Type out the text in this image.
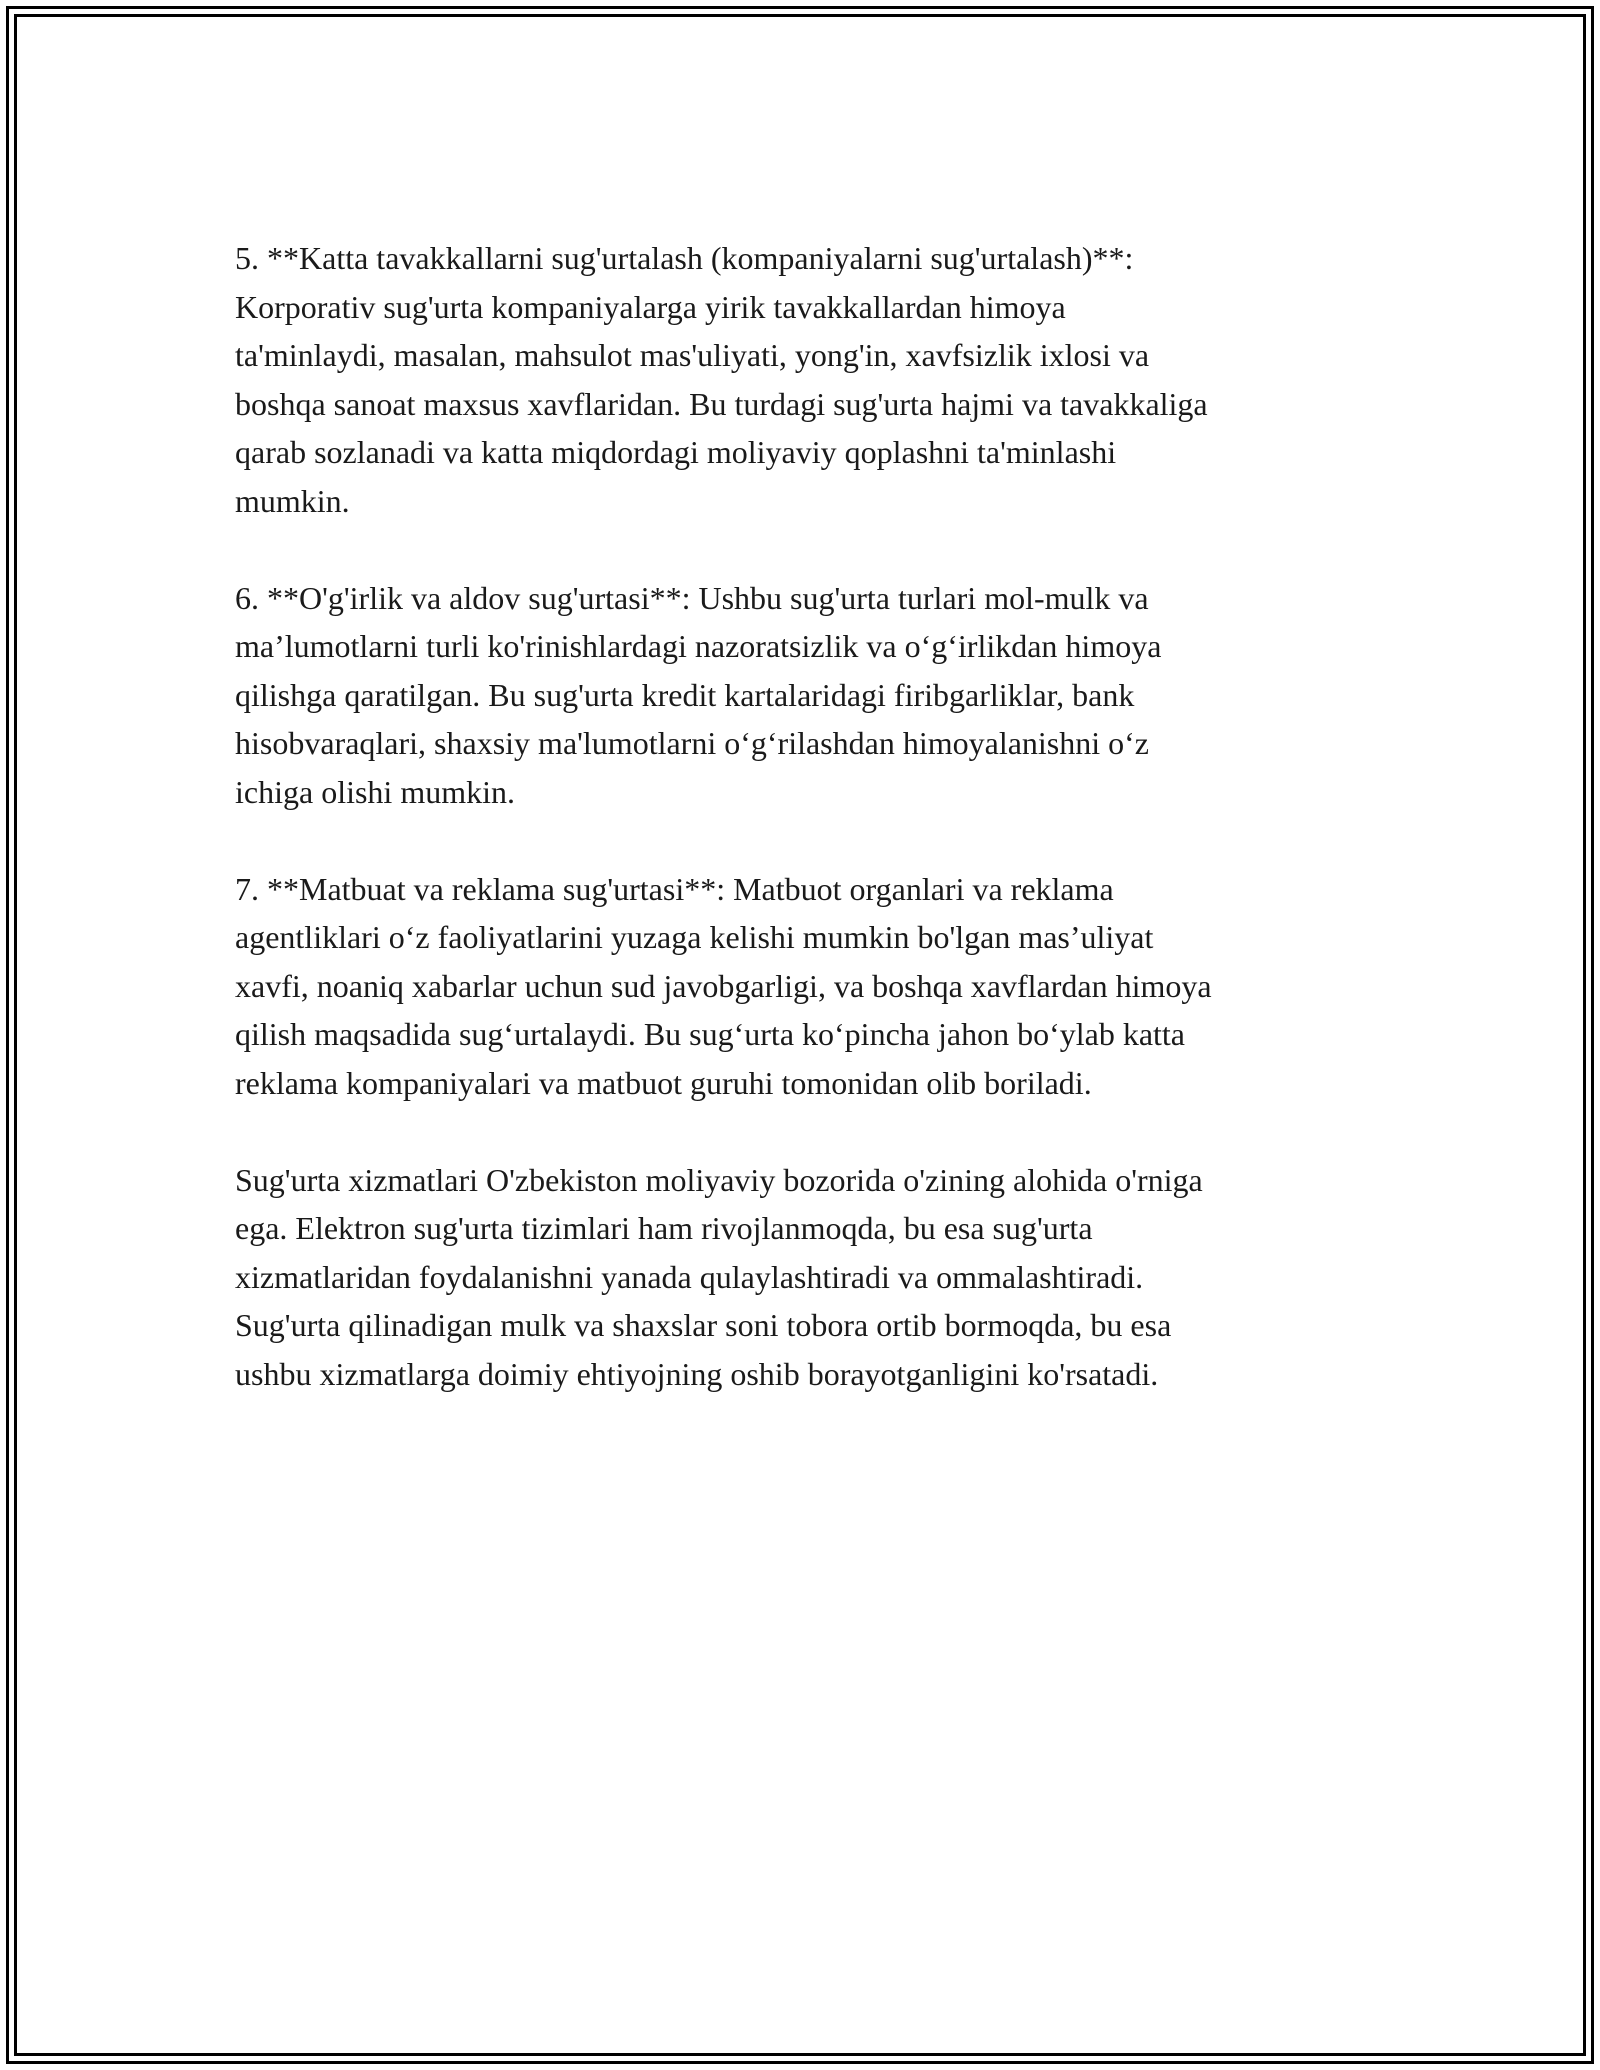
5. **Katta tavakkallarni sug'urtalash (kompaniyalarni sug'urtalash)**:
Korporativ sug'urta kompaniyalarga yirik tavakkallardan himoya
ta'minlaydi, masalan, mahsulot mas'uliyati, yong'in, xavfsizlik ixlosi va
boshqa sanoat maxsus xavflaridan. Bu turdagi sug'urta hajmi va tavakkaliga
qarab sozlanadi va katta miqdordagi moliyaviy qoplashni ta'minlashi
mumkin.

6. **O'g'irlik va aldov sug'urtasi**: Ushbu sug'urta turlari mol-mulk va
ma’lumotlarni turli ko'rinishlardagi nazoratsizlik va o‘g‘irlikdan himoya
qilishga qaratilgan. Bu sug'urta kredit kartalaridagi firibgarliklar, bank
hisobvaraqlari, shaxsiy ma'lumotlarni o‘g‘rilashdan himoyalanishni o‘z
ichiga olishi mumkin.

7. **Matbuat va reklama sug'urtasi**: Matbuot organlari va reklama
agentliklari o‘z faoliyatlarini yuzaga kelishi mumkin bo'lgan mas’uliyat
xavfi, noaniq xabarlar uchun sud javobgarligi, va boshqa xavflardan himoya
qilish maqsadida sug‘urtalaydi. Bu sug‘urta ko‘pincha jahon bo‘ylab katta
reklama kompaniyalari va matbuot guruhi tomonidan olib boriladi.

Sug'urta xizmatlari O'zbekiston moliyaviy bozorida o'zining alohida o'rniga
ega. Elektron sug'urta tizimlari ham rivojlanmoqda, bu esa sug'urta
xizmatlaridan foydalanishni yanada qulaylashtiradi va ommalashtiradi.
Sug'urta qilinadigan mulk va shaxslar soni tobora ortib bormoqda, bu esa
ushbu xizmatlarga doimiy ehtiyojning oshib borayotganligini ko'rsatadi.
